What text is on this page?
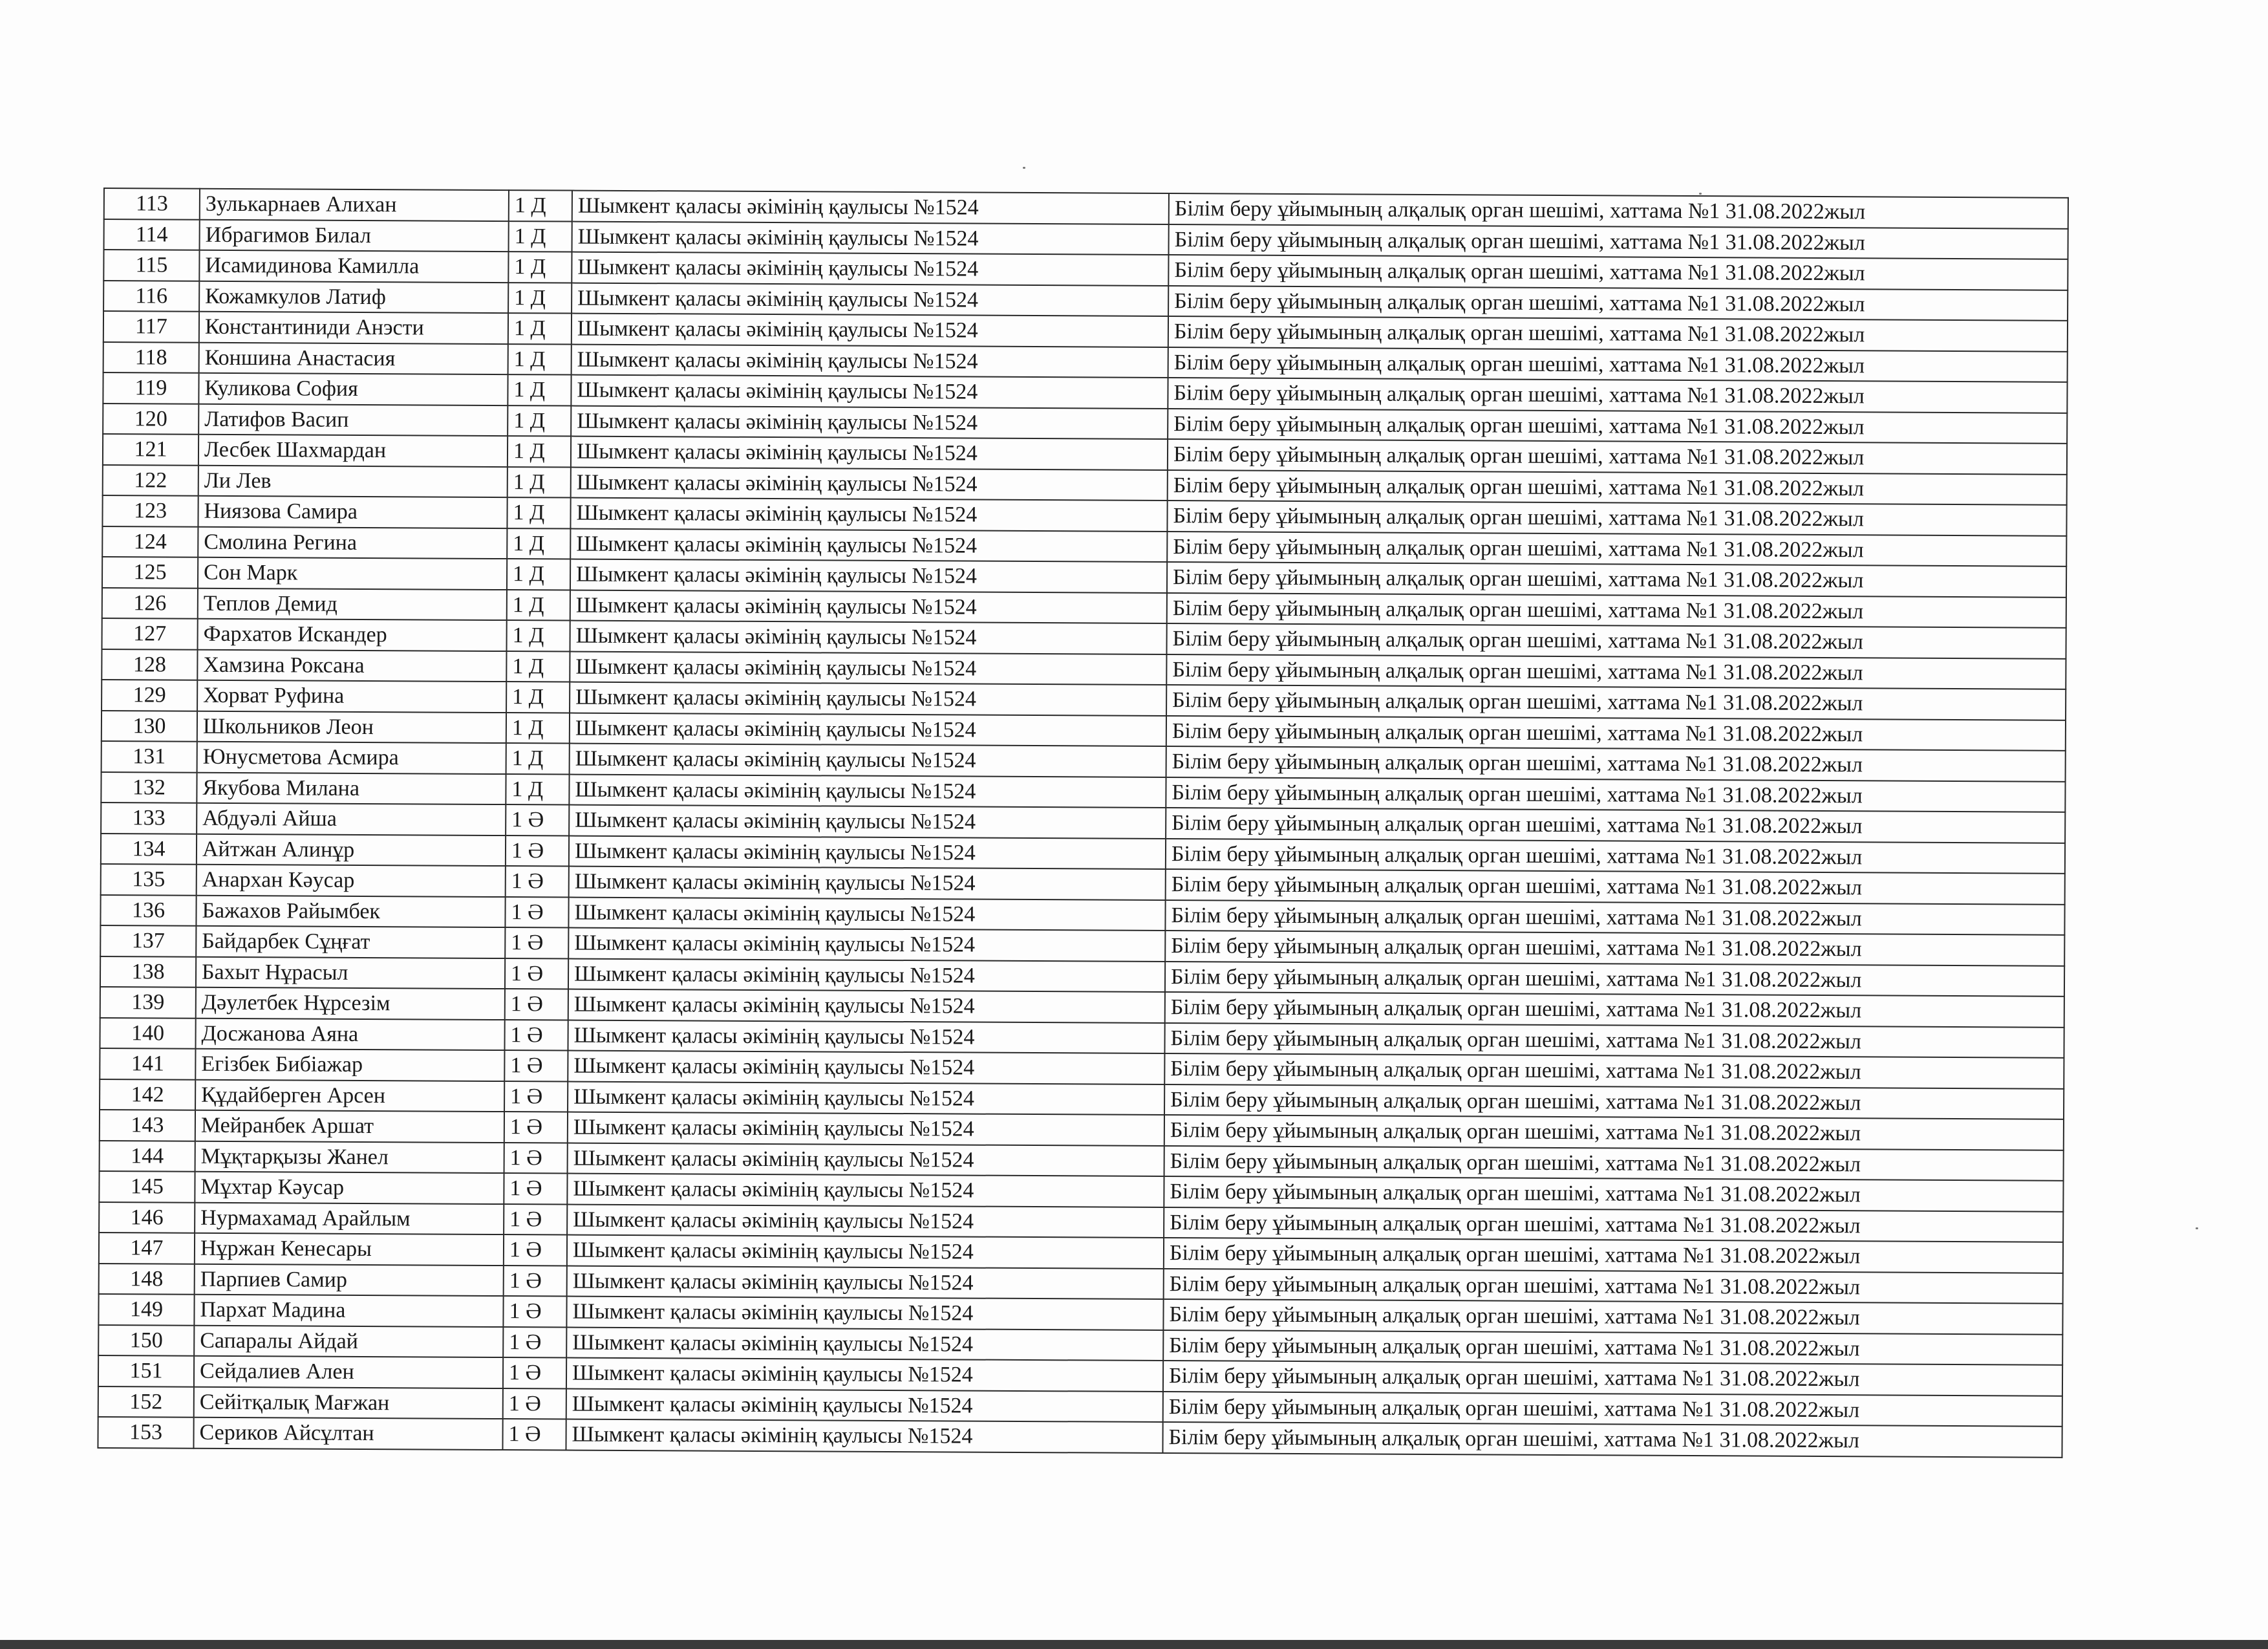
113	Зулькарнаев Алихан	1 Д	Шымкент қаласы әкімінің қаулысы №1524	Білім беру ұйымының алқалық орган шешімі, хаттама №1 31.08.2022жыл
114	Ибрагимов Билал	1 Д	Шымкент қаласы әкімінің қаулысы №1524	Білім беру ұйымының алқалық орган шешімі, хаттама №1 31.08.2022жыл
115	Исамидинова Камилла	1 Д	Шымкент қаласы әкімінің қаулысы №1524	Білім беру ұйымының алқалық орган шешімі, хаттама №1 31.08.2022жыл
116	Кожамкулов Латиф	1 Д	Шымкент қаласы әкімінің қаулысы №1524	Білім беру ұйымының алқалық орган шешімі, хаттама №1 31.08.2022жыл
117	Константиниди Анэсти	1 Д	Шымкент қаласы әкімінің қаулысы №1524	Білім беру ұйымының алқалық орган шешімі, хаттама №1 31.08.2022жыл
118	Коншина Анастасия	1 Д	Шымкент қаласы әкімінің қаулысы №1524	Білім беру ұйымының алқалық орган шешімі, хаттама №1 31.08.2022жыл
119	Куликова София	1 Д	Шымкент қаласы әкімінің қаулысы №1524	Білім беру ұйымының алқалық орган шешімі, хаттама №1 31.08.2022жыл
120	Латифов Васип	1 Д	Шымкент қаласы әкімінің қаулысы №1524	Білім беру ұйымының алқалық орган шешімі, хаттама №1 31.08.2022жыл
121	Лесбек Шахмардан	1 Д	Шымкент қаласы әкімінің қаулысы №1524	Білім беру ұйымының алқалық орган шешімі, хаттама №1 31.08.2022жыл
122	Ли Лев	1 Д	Шымкент қаласы әкімінің қаулысы №1524	Білім беру ұйымының алқалық орган шешімі, хаттама №1 31.08.2022жыл
123	Ниязова Самира	1 Д	Шымкент қаласы әкімінің қаулысы №1524	Білім беру ұйымының алқалық орган шешімі, хаттама №1 31.08.2022жыл
124	Смолина Регина	1 Д	Шымкент қаласы әкімінің қаулысы №1524	Білім беру ұйымының алқалық орган шешімі, хаттама №1 31.08.2022жыл
125	Сон Марк	1 Д	Шымкент қаласы әкімінің қаулысы №1524	Білім беру ұйымының алқалық орган шешімі, хаттама №1 31.08.2022жыл
126	Теплов Демид	1 Д	Шымкент қаласы әкімінің қаулысы №1524	Білім беру ұйымының алқалық орган шешімі, хаттама №1 31.08.2022жыл
127	Фархатов Искандер	1 Д	Шымкент қаласы әкімінің қаулысы №1524	Білім беру ұйымының алқалық орган шешімі, хаттама №1 31.08.2022жыл
128	Хамзина Роксана	1 Д	Шымкент қаласы әкімінің қаулысы №1524	Білім беру ұйымының алқалық орган шешімі, хаттама №1 31.08.2022жыл
129	Хорват Руфина	1 Д	Шымкент қаласы әкімінің қаулысы №1524	Білім беру ұйымының алқалық орган шешімі, хаттама №1 31.08.2022жыл
130	Школьников Леон	1 Д	Шымкент қаласы әкімінің қаулысы №1524	Білім беру ұйымының алқалық орган шешімі, хаттама №1 31.08.2022жыл
131	Юнусметова Асмира	1 Д	Шымкент қаласы әкімінің қаулысы №1524	Білім беру ұйымының алқалық орган шешімі, хаттама №1 31.08.2022жыл
132	Якубова Милана	1 Д	Шымкент қаласы әкімінің қаулысы №1524	Білім беру ұйымының алқалық орган шешімі, хаттама №1 31.08.2022жыл
133	Абдуәлі Айша	1 Ә	Шымкент қаласы әкімінің қаулысы №1524	Білім беру ұйымының алқалық орган шешімі, хаттама №1 31.08.2022жыл
134	Айтжан Алинұр	1 Ә	Шымкент қаласы әкімінің қаулысы №1524	Білім беру ұйымының алқалық орган шешімі, хаттама №1 31.08.2022жыл
135	Анархан Кәусар	1 Ә	Шымкент қаласы әкімінің қаулысы №1524	Білім беру ұйымының алқалық орган шешімі, хаттама №1 31.08.2022жыл
136	Бажахов Райымбек	1 Ә	Шымкент қаласы әкімінің қаулысы №1524	Білім беру ұйымының алқалық орган шешімі, хаттама №1 31.08.2022жыл
137	Байдарбек Сұңғат	1 Ә	Шымкент қаласы әкімінің қаулысы №1524	Білім беру ұйымының алқалық орган шешімі, хаттама №1 31.08.2022жыл
138	Бахыт Нұрасыл	1 Ә	Шымкент қаласы әкімінің қаулысы №1524	Білім беру ұйымының алқалық орган шешімі, хаттама №1 31.08.2022жыл
139	Дәулетбек Нұрсезім	1 Ә	Шымкент қаласы әкімінің қаулысы №1524	Білім беру ұйымының алқалық орган шешімі, хаттама №1 31.08.2022жыл
140	Досжанова Аяна	1 Ә	Шымкент қаласы әкімінің қаулысы №1524	Білім беру ұйымының алқалық орган шешімі, хаттама №1 31.08.2022жыл
141	Егізбек Бибіажар	1 Ә	Шымкент қаласы әкімінің қаулысы №1524	Білім беру ұйымының алқалық орган шешімі, хаттама №1 31.08.2022жыл
142	Құдайберген Арсен	1 Ә	Шымкент қаласы әкімінің қаулысы №1524	Білім беру ұйымының алқалық орган шешімі, хаттама №1 31.08.2022жыл
143	Мейранбек Аршат	1 Ә	Шымкент қаласы әкімінің қаулысы №1524	Білім беру ұйымының алқалық орган шешімі, хаттама №1 31.08.2022жыл
144	Мұқтарқызы Жанел	1 Ә	Шымкент қаласы әкімінің қаулысы №1524	Білім беру ұйымының алқалық орган шешімі, хаттама №1 31.08.2022жыл
145	Мұхтар Кәусар	1 Ә	Шымкент қаласы әкімінің қаулысы №1524	Білім беру ұйымының алқалық орган шешімі, хаттама №1 31.08.2022жыл
146	Нурмахамад Арайлым	1 Ә	Шымкент қаласы әкімінің қаулысы №1524	Білім беру ұйымының алқалық орган шешімі, хаттама №1 31.08.2022жыл
147	Нұржан Кенесары	1 Ә	Шымкент қаласы әкімінің қаулысы №1524	Білім беру ұйымының алқалық орган шешімі, хаттама №1 31.08.2022жыл
148	Парпиев Самир	1 Ә	Шымкент қаласы әкімінің қаулысы №1524	Білім беру ұйымының алқалық орган шешімі, хаттама №1 31.08.2022жыл
149	Пархат Мадина	1 Ә	Шымкент қаласы әкімінің қаулысы №1524	Білім беру ұйымының алқалық орган шешімі, хаттама №1 31.08.2022жыл
150	Сапаралы Айдай	1 Ә	Шымкент қаласы әкімінің қаулысы №1524	Білім беру ұйымының алқалық орган шешімі, хаттама №1 31.08.2022жыл
151	Сейдалиев Ален	1 Ә	Шымкент қаласы әкімінің қаулысы №1524	Білім беру ұйымының алқалық орган шешімі, хаттама №1 31.08.2022жыл
152	Сейітқалық Мағжан	1 Ә	Шымкент қаласы әкімінің қаулысы №1524	Білім беру ұйымының алқалық орган шешімі, хаттама №1 31.08.2022жыл
153	Сериков Айсұлтан	1 Ә	Шымкент қаласы әкімінің қаулысы №1524	Білім беру ұйымының алқалық орган шешімі, хаттама №1 31.08.2022жыл
